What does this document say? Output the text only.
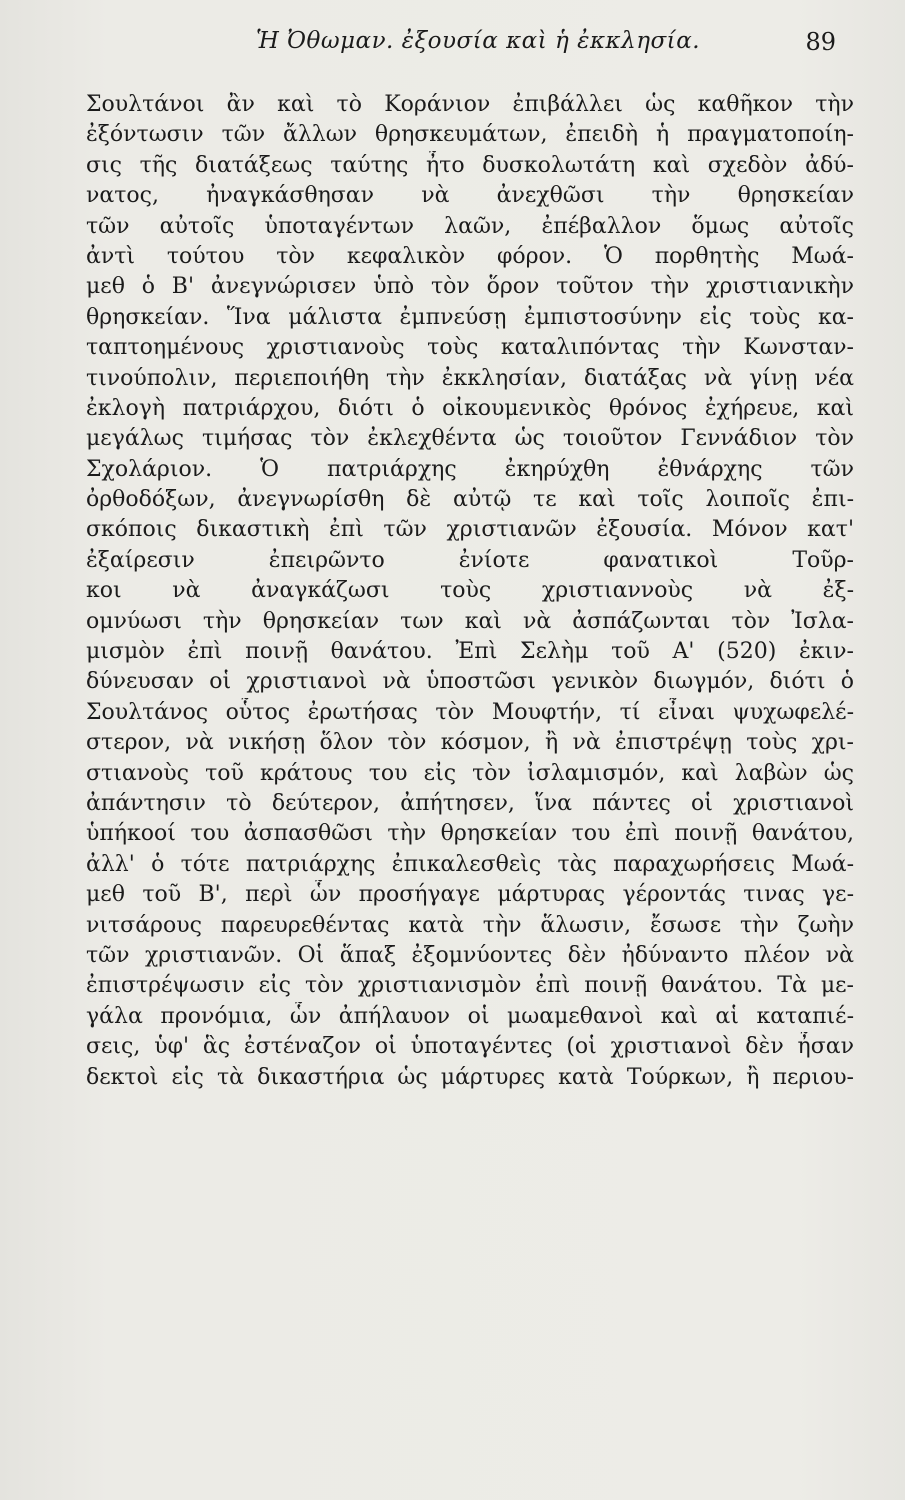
Ἡ Ὀθωμαν. ἐξουσία καὶ ἡ ἐκκλησία.	89
Σουλτάνοι ἂν καὶ τὸ Κοράνιον ἐπιβάλλει ὡς καθῆκον τὴν
ἐξόντωσιν τῶν ἄλλων θρησκευμάτων, ἐπειδὴ ἡ πραγματοποίη-
σις τῆς διατάξεως ταύτης ἦτο δυσκολωτάτη καὶ σχεδὸν ἀδύ-
νατος, ἠναγκάσθησαν νὰ ἀνεχθῶσι τὴν θρησκείαν
τῶν αὐτοῖς ὑποταγέντων λαῶν, ἐπέβαλλον ὅμως αὐτοῖς
ἀντὶ τούτου τὸν κεφαλικὸν φόρον. Ὁ πορθητὴς Μωά-
μεθ ὁ Β' ἀνεγνώρισεν ὑπὸ τὸν ὅρον τοῦτον τὴν χριστιανικὴν
θρησκείαν. Ἵνα μάλιστα ἐμπνεύσῃ ἐμπιστοσύνην εἰς τοὺς κα-
ταπτοημένους χριστιανοὺς τοὺς καταλιπόντας τὴν Κωνσταν-
τινούπολιν, περιεποιήθη τὴν ἐκκλησίαν, διατάξας νὰ γίνῃ νέα
ἐκλογὴ πατριάρχου, διότι ὁ οἰκουμενικὸς θρόνος ἐχήρευε, καὶ
μεγάλως τιμήσας τὸν ἐκλεχθέντα ὡς τοιοῦτον Γεννάδιον τὸν
Σχολάριον. Ὁ πατριάρχης ἐκηρύχθη ἐθνάρχης τῶν
ὀρθοδόξων, ἀνεγνωρίσθη δὲ αὐτῷ τε καὶ τοῖς λοιποῖς ἐπι-
σκόποις δικαστικὴ ἐπὶ τῶν χριστιανῶν ἐξουσία. Μόνον κατ'
ἐξαίρεσιν ἐπειρῶντο ἐνίοτε φανατικοὶ Τοῦρ-
κοι νὰ ἀναγκάζωσι τοὺς χριστιαννοὺς νὰ ἐξ-
ομνύωσι τὴν θρησκείαν των καὶ νὰ ἀσπάζωνται τὸν Ἰσλα-
μισμὸν ἐπὶ ποινῇ θανάτου. Ἐπὶ Σελὴμ τοῦ Α' (520) ἐκιν-
δύνευσαν οἱ χριστιανοὶ νὰ ὑποστῶσι γενικὸν διωγμόν, διότι ὁ
Σουλτάνος οὗτος ἐρωτήσας τὸν Μουφτήν, τί εἶναι ψυχωφελέ-
στερον, νὰ νικήσῃ ὅλον τὸν κόσμον, ἢ νὰ ἐπιστρέψῃ τοὺς χρι-
στιανοὺς τοῦ κράτους του εἰς τὸν ἰσλαμισμόν, καὶ λαβὼν ὡς
ἀπάντησιν τὸ δεύτερον, ἀπήτησεν, ἵνα πάντες οἱ χριστιανοὶ
ὑπήκοοί του ἀσπασθῶσι τὴν θρησκείαν του ἐπὶ ποινῇ θανάτου,
ἀλλ' ὁ τότε πατριάρχης ἐπικαλεσθεὶς τὰς παραχωρήσεις Μωά-
μεθ τοῦ Β', περὶ ὧν προσήγαγε μάρτυρας γέροντάς τινας γε-
νιτσάρους παρευρεθέντας κατὰ τὴν ἅλωσιν, ἔσωσε τὴν ζωὴν
τῶν χριστιανῶν. Οἱ ἅπαξ ἐξομνύοντες δὲν ἠδύναντο πλέον νὰ
ἐπιστρέψωσιν εἰς τὸν χριστιανισμὸν ἐπὶ ποινῇ θανάτου. Τὰ με-
γάλα προνόμια, ὧν ἀπήλαυον οἱ μωαμεθανοὶ καὶ αἱ καταπιέ-
σεις, ὑφ' ἃς ἐστέναζον οἱ ὑποταγέντες (οἱ χριστιανοὶ δὲν ἦσαν
δεκτοὶ εἰς τὰ δικαστήρια ὡς μάρτυρες κατὰ Τούρκων, ἢ περιου-
